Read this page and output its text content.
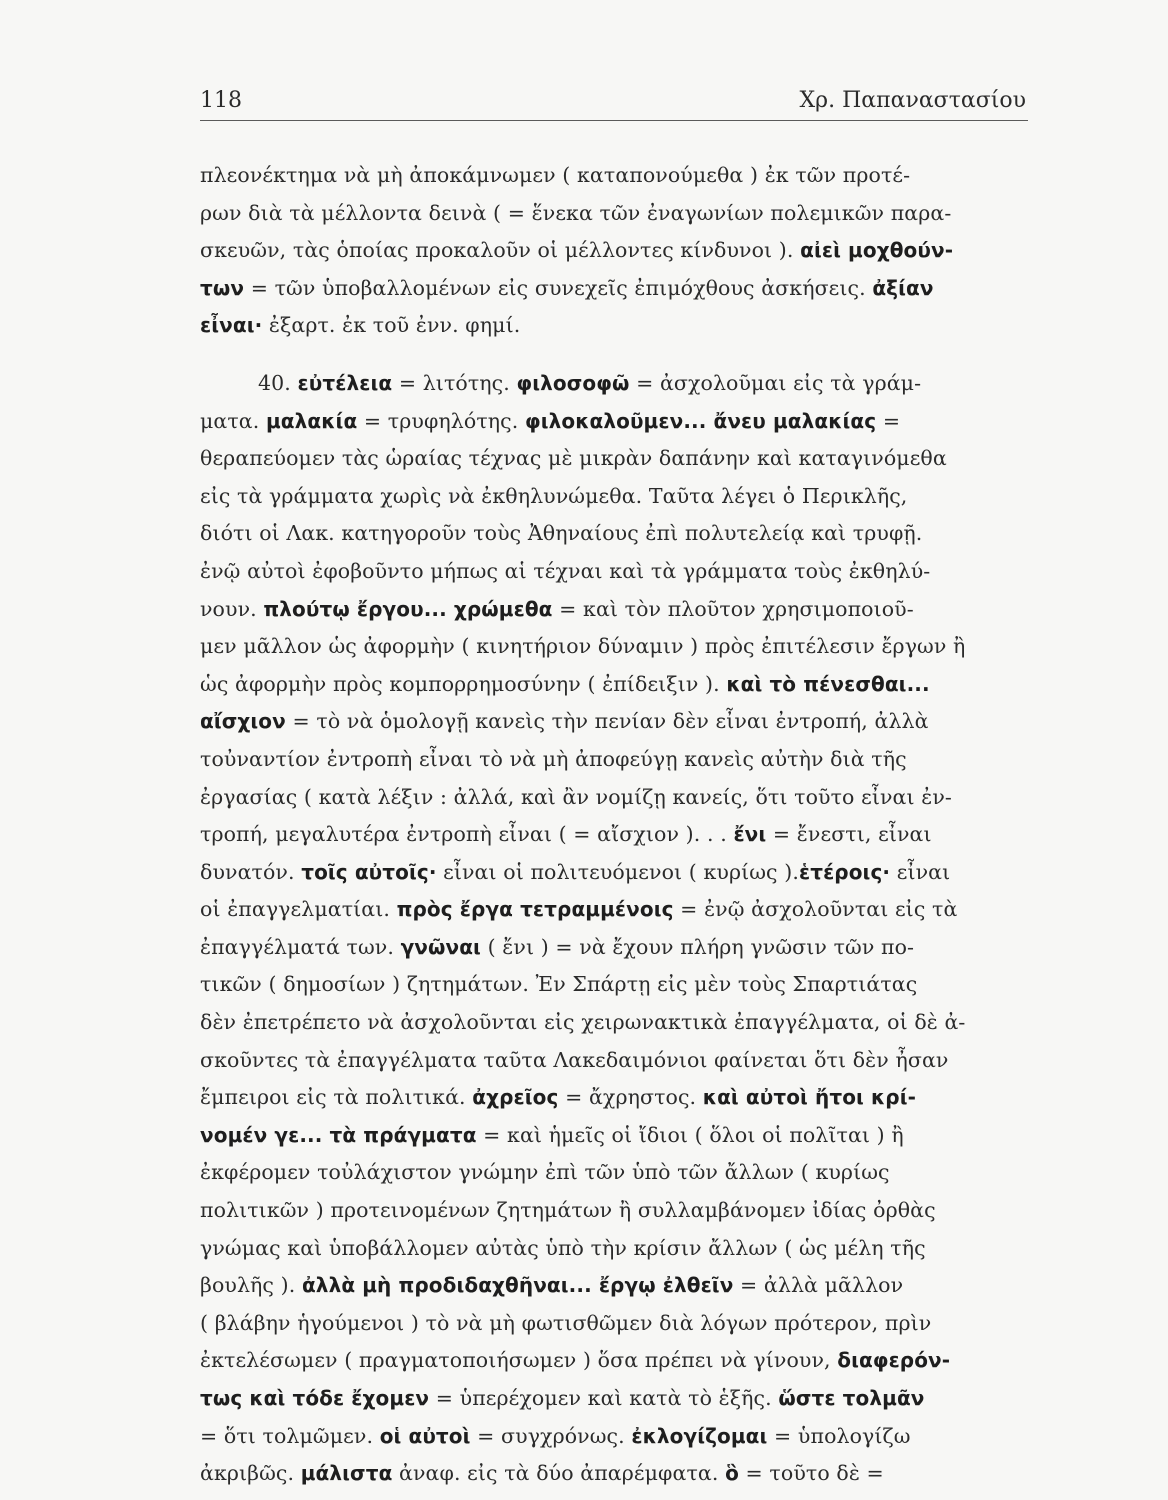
118	Χρ. Παπαναστασίου
πλεονέκτημα νὰ μὴ ἀποκάμνωμεν ( καταπονούμεθα ) ἐκ τῶν προτέ-
ρων διὰ τὰ μέλλοντα δεινὰ ( = ἕνεκα τῶν ἐναγωνίων πολεμικῶν παρα-
σκευῶν, τὰς ὁποίας προκαλοῦν οἱ μέλλοντες κίνδυνοι ). αἰεὶ μοχθούν-
των = τῶν ὑποβαλλομένων εἰς συνεχεῖς ἐπιμόχθους ἀσκήσεις. ἀξίαν
εἶναι· ἐξαρτ. ἐκ τοῦ ἐνν. φημί.
40. εὐτέλεια = λιτότης. φιλοσοφῶ = ἀσχολοῦμαι εἰς τὰ γράμ-
ματα. μαλακία = τρυφηλότης. φιλοκαλοῦμεν... ἄνευ μαλακίας =
θεραπεύομεν τὰς ὡραίας τέχνας μὲ μικρὰν δαπάνην καὶ καταγινόμεθα
εἰς τὰ γράμματα χωρὶς νὰ ἐκθηλυνώμεθα. Ταῦτα λέγει ὁ Περικλῆς,
διότι οἱ Λακ. κατηγοροῦν τοὺς Ἀθηναίους ἐπὶ πολυτελείᾳ καὶ τρυφῇ.
ἐνῷ αὐτοὶ ἐφοβοῦντο μήπως αἱ τέχναι καὶ τὰ γράμματα τοὺς ἐκθηλύ-
νουν. πλούτῳ ἔργου... χρώμεθα = καὶ τὸν πλοῦτον χρησιμοποιοῦ-
μεν μᾶλλον ὡς ἀφορμὴν ( κινητήριον δύναμιν ) πρὸς ἐπιτέλεσιν ἔργων ἢ
ὡς ἀφορμὴν πρὸς κομπορρημοσύνην ( ἐπίδειξιν ). καὶ τὸ πένεσθαι...
αἴσχιον = τὸ νὰ ὁμολογῇ κανεὶς τὴν πενίαν δὲν εἶναι ἐντροπή, ἀλλὰ
τοὐναντίον ἐντροπὴ εἶναι τὸ νὰ μὴ ἀποφεύγῃ κανεὶς αὐτὴν διὰ τῆς
ἐργασίας ( κατὰ λέξιν : ἀλλά, καὶ ἂν νομίζῃ κανείς, ὅτι τοῦτο εἶναι ἐν-
τροπή, μεγαλυτέρα ἐντροπὴ εἶναι ( = αἴσχιον ). . . ἔνι = ἔνεστι, εἶναι
δυνατόν. τοῖς αὐτοῖς· εἶναι οἱ πολιτευόμενοι ( κυρίως ).ἑτέροις· εἶναι
οἱ ἐπαγγελματίαι. πρὸς ἔργα τετραμμένοις = ἐνῷ ἀσχολοῦνται εἰς τὰ
ἐπαγγέλματά των. γνῶναι ( ἔνι ) = νὰ ἔχουν πλήρη γνῶσιν τῶν πο-
τικῶν ( δημοσίων ) ζητημάτων. Ἐν Σπάρτῃ εἰς μὲν τοὺς Σπαρτιάτας
δὲν ἐπετρέπετο νὰ ἀσχολοῦνται εἰς χειρωνακτικὰ ἐπαγγέλματα, οἱ δὲ ἀ-
σκοῦντες τὰ ἐπαγγέλματα ταῦτα Λακεδαιμόνιοι φαίνεται ὅτι δὲν ἦσαν
ἔμπειροι εἰς τὰ πολιτικά. ἀχρεῖος = ἄχρηστος. καὶ αὐτοὶ ἤτοι κρί-
νομέν γε... τὰ πράγματα = καὶ ἡμεῖς οἱ ἴδιοι ( ὅλοι οἱ πολῖται ) ἢ
ἐκφέρομεν τοὐλάχιστον γνώμην ἐπὶ τῶν ὑπὸ τῶν ἄλλων ( κυρίως
πολιτικῶν ) προτεινομένων ζητημάτων ἢ συλλαμβάνομεν ἰδίας ὀρθὰς
γνώμας καὶ ὑποβάλλομεν αὐτὰς ὑπὸ τὴν κρίσιν ἄλλων ( ὡς μέλη τῆς
βουλῆς ). ἀλλὰ μὴ προδιδαχθῆναι... ἔργῳ ἐλθεῖν = ἀλλὰ μᾶλλον
( βλάβην ἡγούμενοι ) τὸ νὰ μὴ φωτισθῶμεν διὰ λόγων πρότερον, πρὶν
ἐκτελέσωμεν ( πραγματοποιήσωμεν ) ὅσα πρέπει νὰ γίνουν, διαφερόν-
τως καὶ τόδε ἔχομεν = ὑπερέχομεν καὶ κατὰ τὸ ἑξῆς. ὥστε τολμᾶν
= ὅτι τολμῶμεν. οἱ αὐτοὶ = συγχρόνως. ἐκλογίζομαι = ὑπολογίζω
ἀκριβῶς. μάλιστα ἀναφ. εἰς τὰ δύο ἀπαρέμφατα. ὃ = τοῦτο δὲ =
